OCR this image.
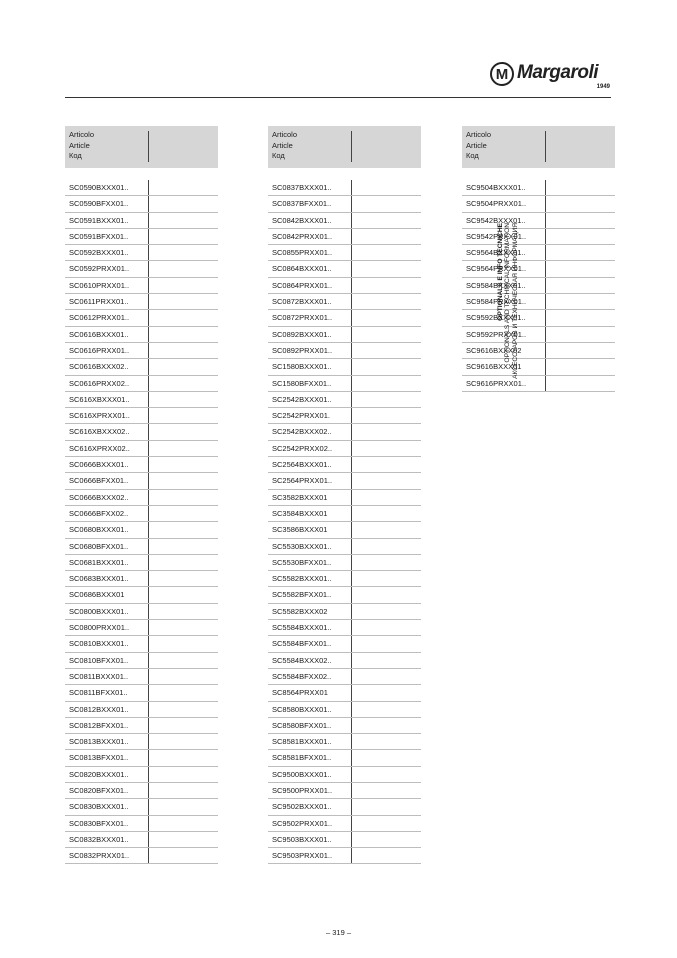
M Margaroli
1949
Articolo
Article
Код
SC0590BXXX01..
SC0590BFXX01..
SC0591BXXX01..
SC0591BFXX01..
SC0592BXXX01..
SC0592PRXX01..
SC0610PRXX01..
SC0611PRXX01..
SC0612PRXX01..
SC0616BXXX01..
SC0616PRXX01..
SC0616BXXX02..
SC0616PRXX02..
SC616XBXXX01..
SC616XPRXX01..
SC616XBXXX02..
SC616XPRXX02..
SC0666BXXX01..
SC0666BFXX01..
SC0666BXXX02..
SC0666BFXX02..
SC0680BXXX01..
SC0680BFXX01..
SC0681BXXX01..
SC0683BXXX01..
SC0686BXXX01
SC0800BXXX01..
SC0800PRXX01..
SC0810BXXX01..
SC0810BFXX01..
SC0811BXXX01..
SC0811BFXX01..
SC0812BXXX01..
SC0812BFXX01..
SC0813BXXX01..
SC0813BFXX01..
SC0820BXXX01..
SC0820BFXX01..
SC0830BXXX01..
SC0830BFXX01..
SC0832BXXX01..
SC0832PRXX01..
Articolo
Article
Код
SC0837BXXX01..
SC0837BFXX01..
SC0842BXXX01..
SC0842PRXX01..
SC0855PRXX01..
SC0864BXXX01..
SC0864PRXX01..
SC0872BXXX01..
SC0872PRXX01..
SC0892BXXX01..
SC0892PRXX01..
SC1580BXXX01..
SC1580BFXX01..
SC2542BXXX01..
SC2542PRXX01.
SC2542BXXX02..
SC2542PRXX02..
SC2564BXXX01..
SC2564PRXX01..
SC3582BXXX01
SC3584BXXX01
SC3586BXXX01
SC5530BXXX01..
SC5530BFXX01..
SC5582BXXX01..
SC5582BFXX01..
SC5582BXXX02
SC5584BXXX01..
SC5584BFXX01..
SC5584BXXX02..
SC5584BFXX02..
SC8564PRXX01
SC8580BXXX01..
SC8580BFXX01..
SC8581BXXX01..
SC8581BFXX01..
SC9500BXXX01..
SC9500PRXX01..
SC9502BXXX01..
SC9502PRXX01..
SC9503BXXX01..
SC9503PRXX01..
Articolo
Article
Код
SC9504BXXX01..
SC9504PRXX01..
SC9542BXXX01..
SC9542PRXX01..
SC9564BXXX01..
SC9564PRXX01..
SC9584BXXX01..
SC9584PRXX01..
SC9592BXXX01..
SC9592PRXX01..
SC9616BXXX02
SC9616BXXX01
SC9616PRXX01..
OPTIONALS E INFO TECNICHE OPTIONALS AND TECHNICAL INFORMATION АКСЕССУАРОВ И ТЕХНИЧЕСКАЯ ИНФОРМАЦИЯ
– 319 –
